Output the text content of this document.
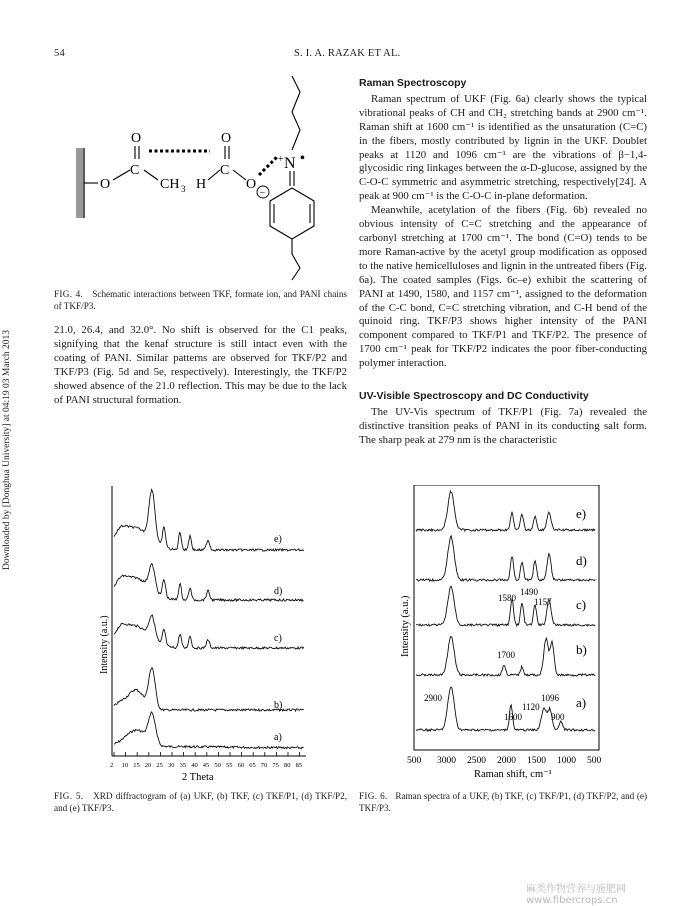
54	S. I. A. RAZAK ET AL.
Downloaded by [Donghua University] at 04:19 03 March 2013
O
C
O
CH 3 H
C
O
O
−
+ N •
FIG. 4. Schematic interactions between TKF, formate ion, and PANI chains of TKF/P3.

21.0, 26.4, and 32.0°. No shift is observed for the C1 peaks, signifying that the kenaf structure is still intact even with the coating of PANI. Similar patterns are observed for TKF/P2 and TKF/P3 (Fig. 5d and 5e, respectively). Interestingly, the TKF/P2 showed absence of the 21.0 reflection. This may be due to the lack of PANI structural formation.

Raman Spectroscopy

Raman spectrum of UKF (Fig. 6a) clearly shows the typical vibrational peaks of CH and CH₂ stretching bands at 2900 cm⁻¹. Raman shift at 1600 cm⁻¹ is identified as the unsaturation (C=C) in the fibers, mostly contributed by lignin in the UKF. Doublet peaks at 1120 and 1096 cm⁻¹ are the vibrations of β−1,4-glycosidic ring linkages between the α-D-glucose, assigned by the C-O-C symmetric and asymmetric stretching, respectively[24]. A peak at 900 cm⁻¹ is the C-O-C in-plane deformation.

Meanwhile, acetylation of the fibers (Fig. 6b) revealed no obvious intensity of C=C stretching and the appearance of carbonyl stretching at 1700 cm⁻¹. The bond (C=O) tends to be more Raman-active by the acetyl group modification as opposed to the native hemicelluloses and lignin in the untreated fibers (Fig. 6a). The coated samples (Figs. 6c–e) exhibit the scattering of PANI at 1490, 1580, and 1157 cm⁻¹, assigned to the deformation of the C-C bond, C=C stretching vibration, and C-H bend of the quinoid ring. TKF/P3 shows higher intensity of the PANI component compared to TKF/P1 and TKF/P2. The presence of 1700 cm⁻¹ peak for TKF/P2 indicates the poor fiber-conducting polymer interaction.

UV-Visible Spectroscopy and DC Conductivity

The UV-Vis spectrum of TKF/P1 (Fig. 7a) revealed the distinctive transition peaks of PANI in its conducting salt form. The sharp peak at 279 nm is the characteristic

2 10 15 20 25 30 35 40 45 50 55 60 65 70 75 80 85
Intensity (a.u.)
2 Theta
a)
b)
c)
d)
e)
FIG. 5. XRD diffractogram of (a) UKF, (b) TKF, (c) TKF/P1, (d) TKF/P2, and (e) TKF/P3.
500 3000 2500 2000 1500 1000 500
Intensity (a.u.)
Raman shift, cm⁻¹
a)
b)
c)
d)
e)
2900
1600
1120
1096
900
1700
1580
1490
1157
FIG. 6. Raman spectra of a UKF, (b) TKF, (c) TKF/P1, (d) TKF/P2, and (e) TKF/P3.
麻类作物营养与施肥网 www.fibercrops.cn
